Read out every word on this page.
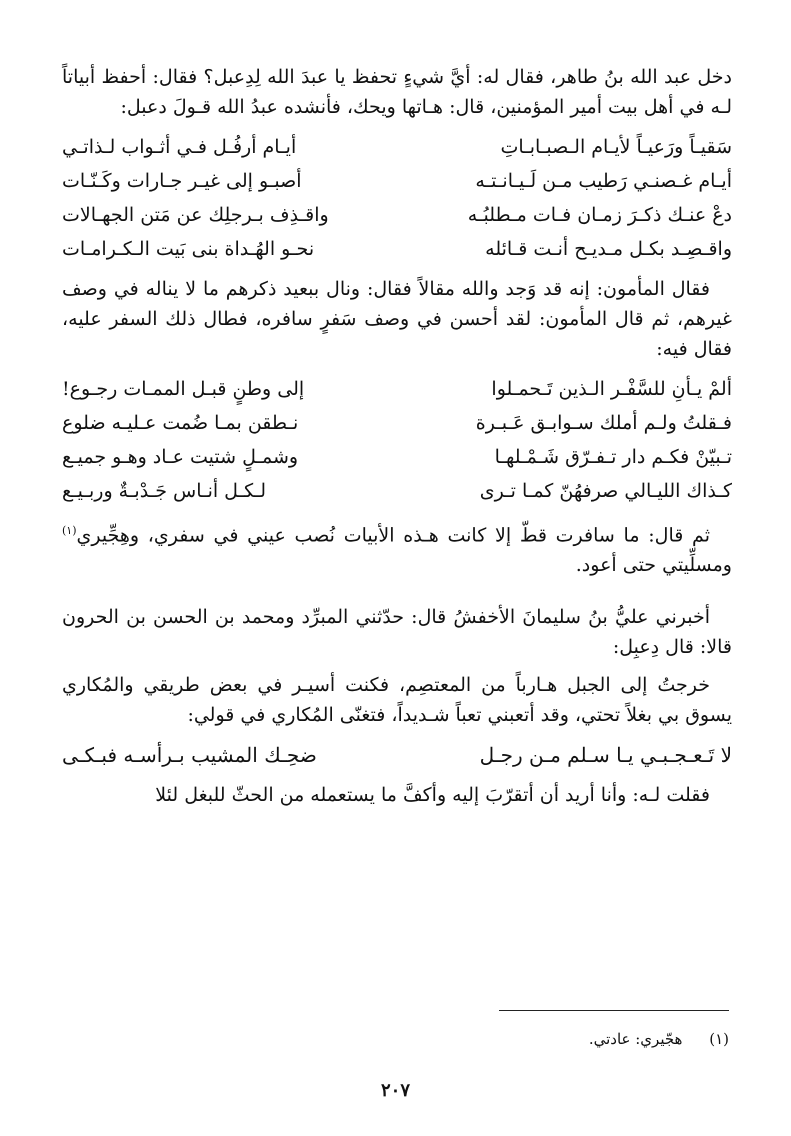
دخل عبد الله بنُ طاهر، فقال له: أيَّ شيءٍ تحفظ يا عبدَ الله لِدِعبل؟ فقال: أحفظ أبياتاً لـه في أهل بيت أمير المؤمنين، قال: هـاتها ويحك، فأنشده عبدُ الله قـولَ دعبل:

سَقيـاً ورَعيـاً لأيـام الـصبـابـاتِ
أيـام أرفُـل فـي أثـواب لـذاتـي
أيـام غـصنـي رَطيب مـن لَـيـانـتـه
أصبـو إلى غيـر جـارات وكَـنّـات
دعْ عنـك ذكـرَ زمـان فـات مـطلبُـه
واقـذِف بـرجلِك عن مَتن الجهـالات
واقـصِـد بكـل مـديـح أنـت قـائله
نحـو الهُـداة بنى بَيت الـكـرامـات

فقال المأمون: إنه قد وَجد والله مقالاً فقال: ونال ببعيد ذكرهم ما لا يناله في وصف غيرهم، ثم قال المأمون: لقد أحسن في وصف سَفرٍ سافره، فطال ذلك السفر عليه، فقال فيه:

ألمْ يـأنِ للسَّفْـر الـذين تَـحمـلوا
إلى وطنٍ قبـل الممـات رجـوع!
فـقلتُ ولـم أملك سـوابـق عَـبـرة
نـطقن بمـا ضُمت عـليـه ضلوع
تـبيّنْ فكـم دار تـفـرّق شَـمْـلهـا
وشمـلٍ شتيت عـاد وهـو جميـع
كـذاك الليـالي صرفهُنّ كمـا تـرى
لـكـل أنـاس جَـدْبـةٌ وربـيـع

ثم قال: ما سافرت قطّ إلا كانت هـذه الأبيات نُصب عيني في سفري، وهِجِّيري$^{(١)}$ ومسلِّيتي حتى أعود.

أخبرني عليُّ بنُ سليمانَ الأخفشُ قال: حدّثني المبرِّد ومحمد بن الحسن بن الحرون قالا: قال دِعبِل:

خرجتُ إلى الجبل هـارباً من المعتصِم، فكنت أسيـر في بعض طريقي والمُكاري يسوق بي بغلاً تحتي، وقد أتعبني تعباً شـديداً، فتغنّى المُكاري في قولي:

لا تَـعـجـبـي يـا سـلم مـن رجـل
ضحِـك المشيب بـرأسـه فبـكـى

فقلت لـه: وأنا أريد أن أتقرّبَ إليه وأكفَّ ما يستعمله من الحثّ للبغل لئلا

(١) هجّيري: عادتي.
٢٠٧
